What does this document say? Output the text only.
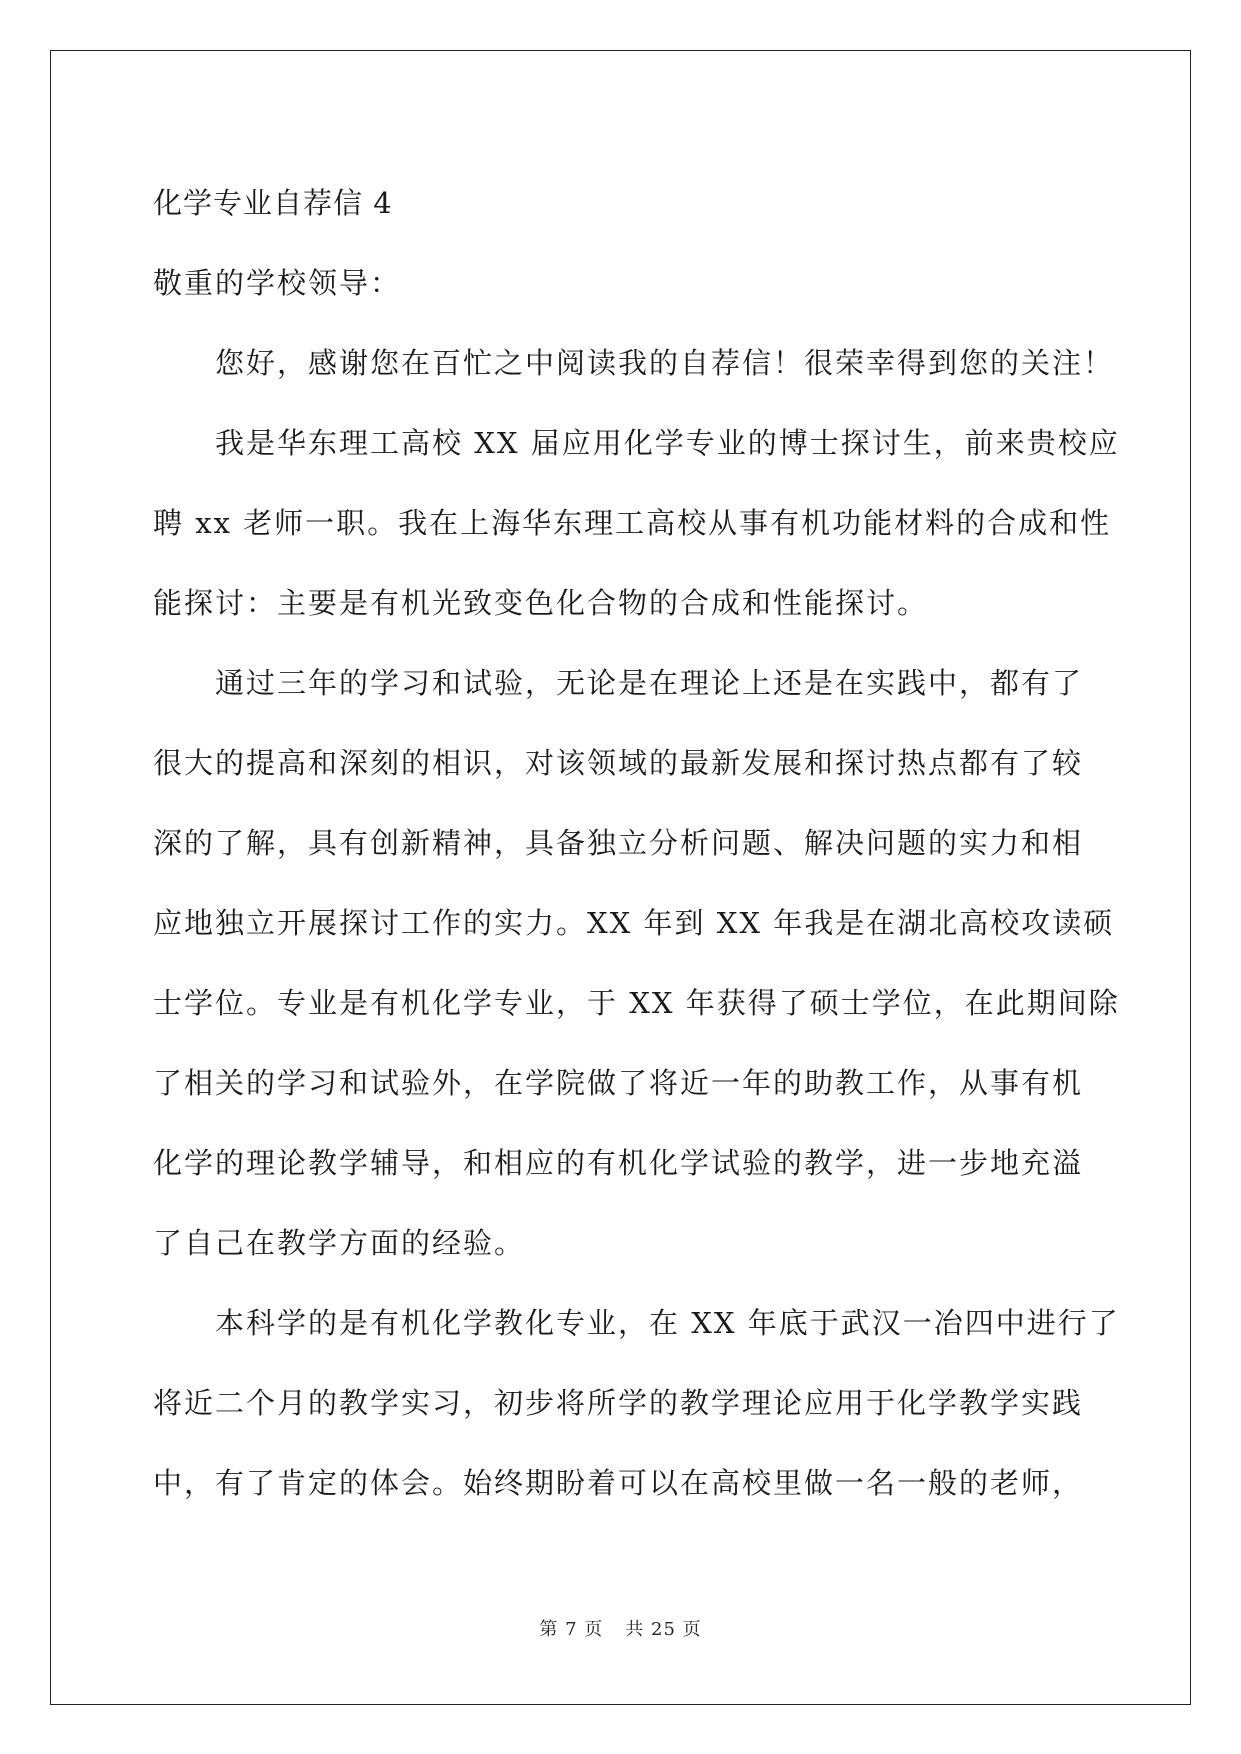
化学专业自荐信 4
敬重的学校领导：
您好，感谢您在百忙之中阅读我的自荐信！很荣幸得到您的关注！
我是华东理工高校 XX 届应用化学专业的博士探讨生，前来贵校应
聘 xx 老师一职。我在上海华东理工高校从事有机功能材料的合成和性
能探讨：主要是有机光致变色化合物的合成和性能探讨。
通过三年的学习和试验，无论是在理论上还是在实践中，都有了
很大的提高和深刻的相识，对该领域的最新发展和探讨热点都有了较
深的了解，具有创新精神，具备独立分析问题、解决问题的实力和相
应地独立开展探讨工作的实力。XX 年到 XX 年我是在湖北高校攻读硕
士学位。专业是有机化学专业，于 XX 年获得了硕士学位，在此期间除
了相关的学习和试验外，在学院做了将近一年的助教工作，从事有机
化学的理论教学辅导，和相应的有机化学试验的教学，进一步地充溢
了自己在教学方面的经验。
本科学的是有机化学教化专业，在 XX 年底于武汉一冶四中进行了
将近二个月的教学实习，初步将所学的教学理论应用于化学教学实践
中，有了肯定的体会。始终期盼着可以在高校里做一名一般的老师，
第 7 页 共 25 页
